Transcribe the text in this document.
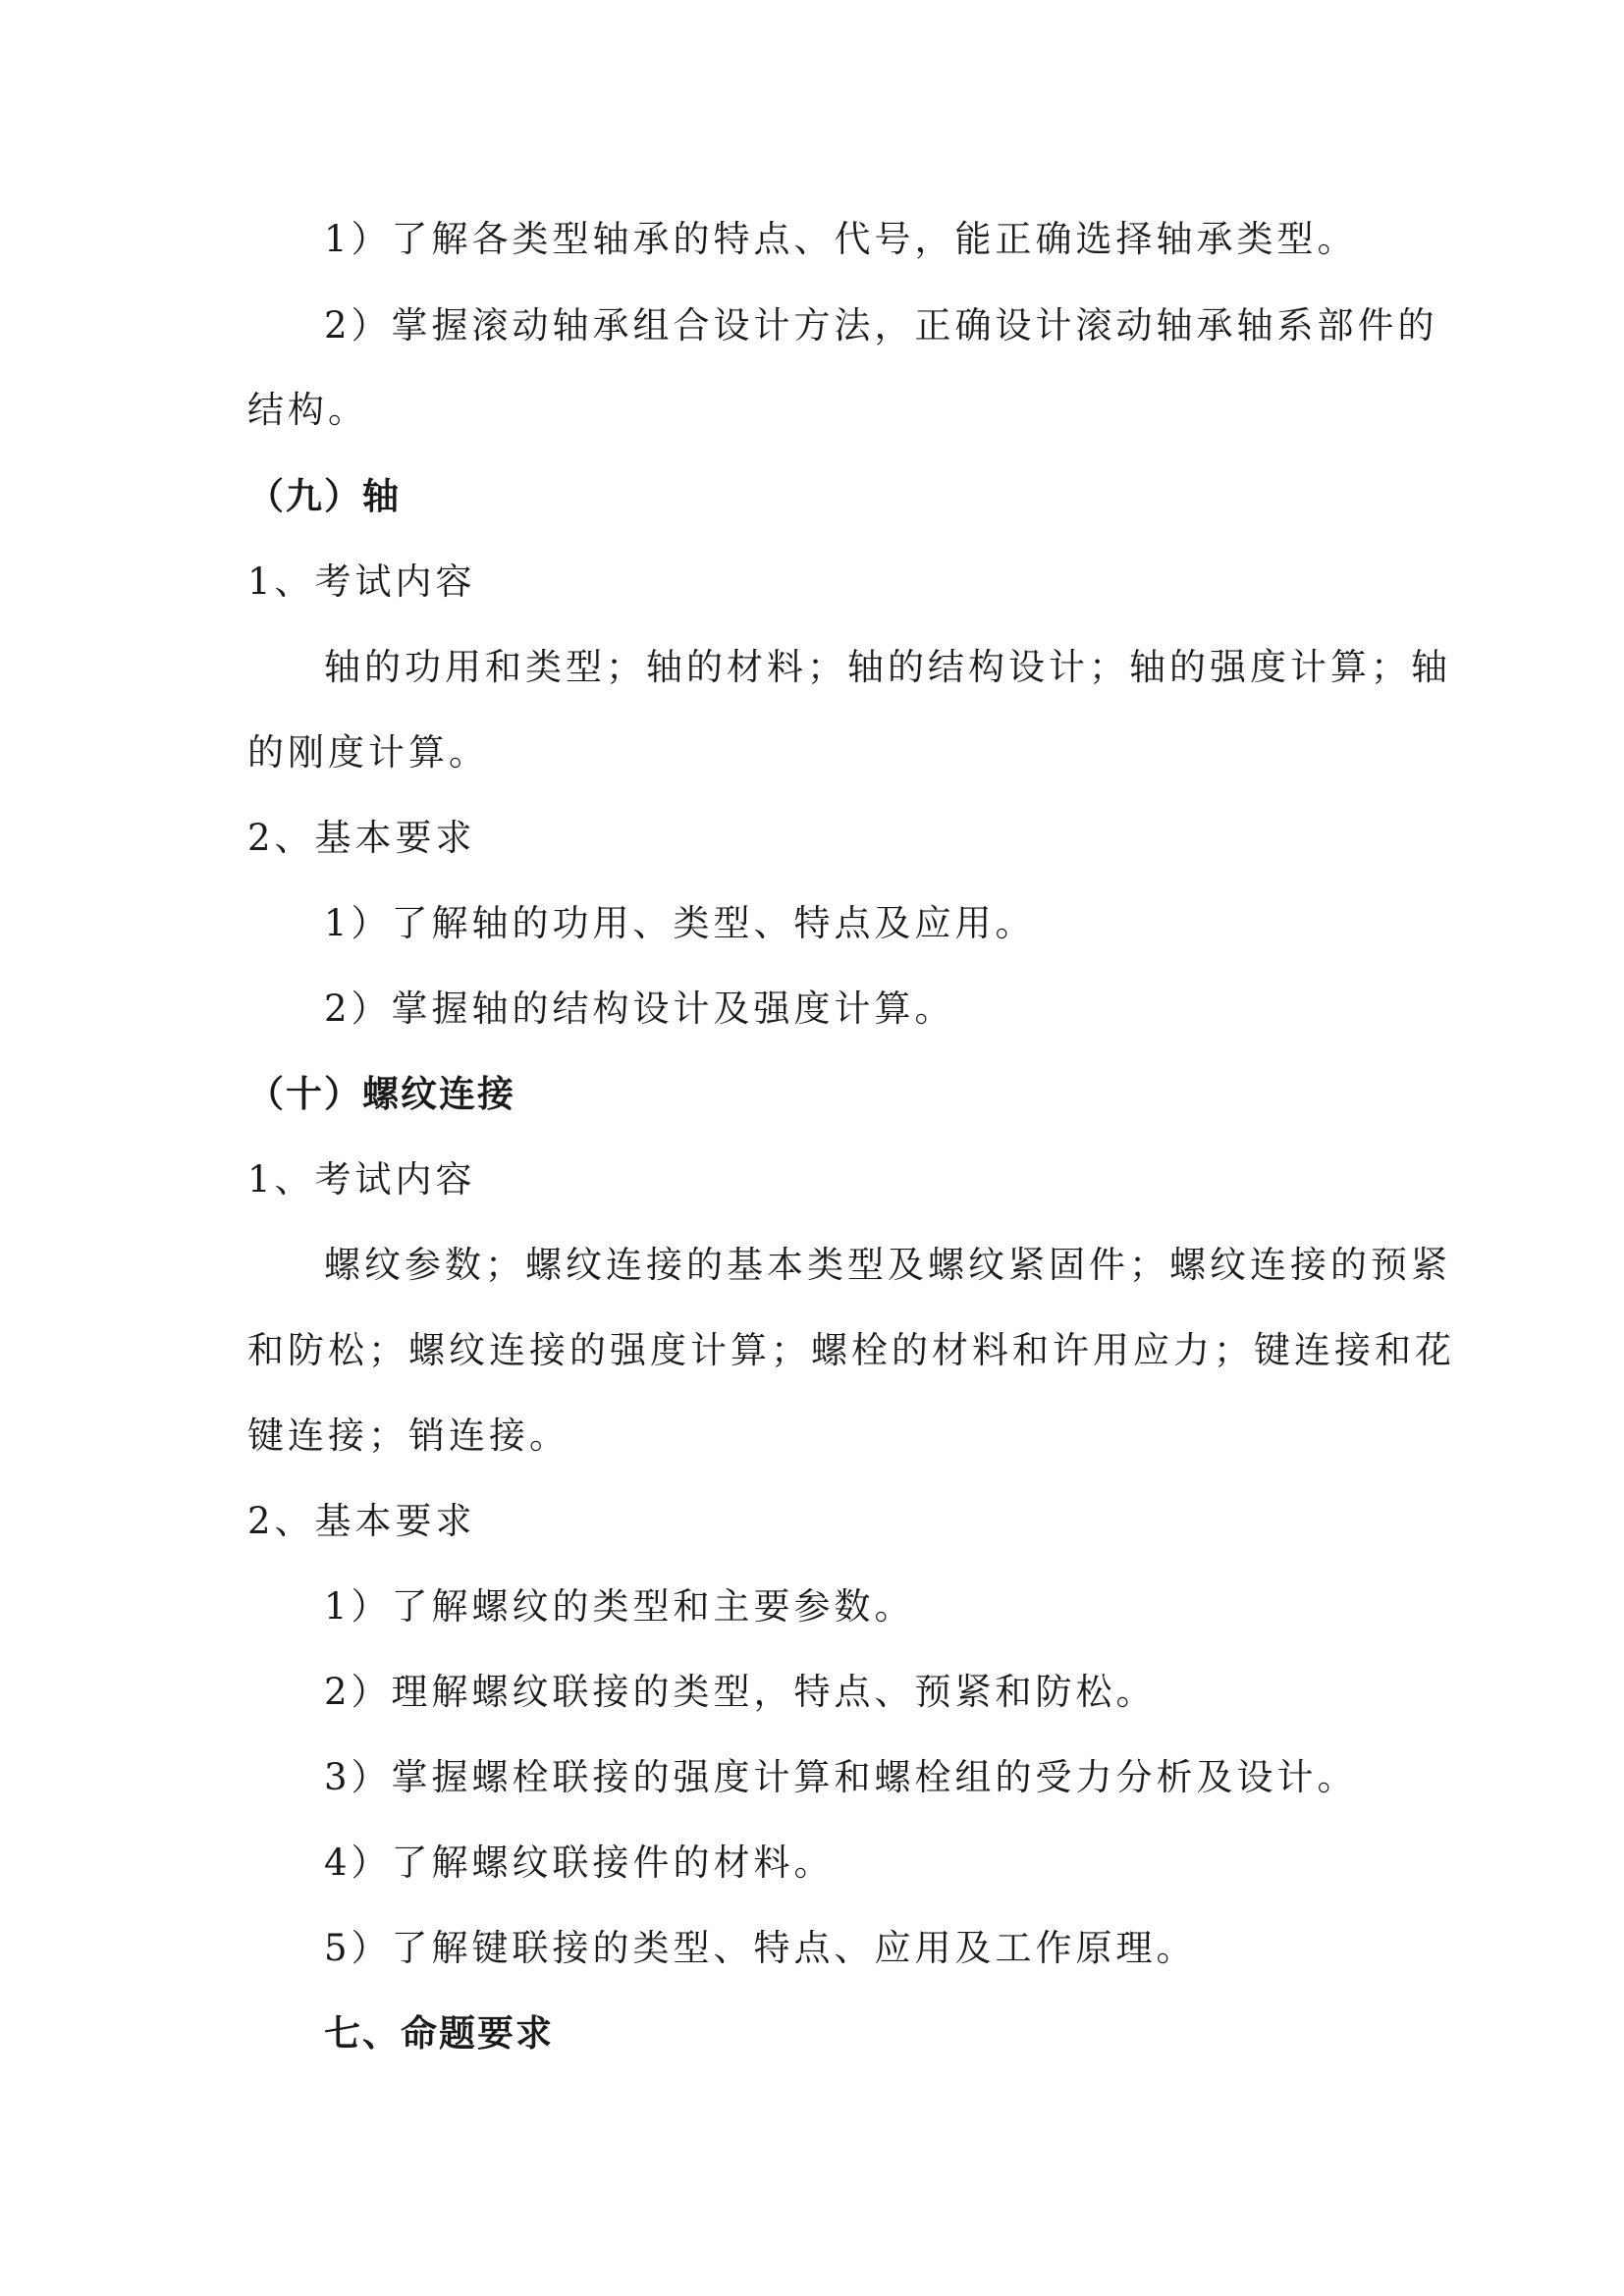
1）了解各类型轴承的特点、代号，能正确选择轴承类型。
2）掌握滚动轴承组合设计方法，正确设计滚动轴承轴系部件的
结构。
（九）轴
1、考试内容
轴的功用和类型；轴的材料；轴的结构设计；轴的强度计算；轴
的刚度计算。
2、基本要求
1）了解轴的功用、类型、特点及应用。
2）掌握轴的结构设计及强度计算。
（十）螺纹连接
1、考试内容
螺纹参数；螺纹连接的基本类型及螺纹紧固件；螺纹连接的预紧
和防松；螺纹连接的强度计算；螺栓的材料和许用应力；键连接和花
键连接；销连接。
2、基本要求
1）了解螺纹的类型和主要参数。
2）理解螺纹联接的类型，特点、预紧和防松。
3）掌握螺栓联接的强度计算和螺栓组的受力分析及设计。
4）了解螺纹联接件的材料。
5）了解键联接的类型、特点、应用及工作原理。
七、命题要求
